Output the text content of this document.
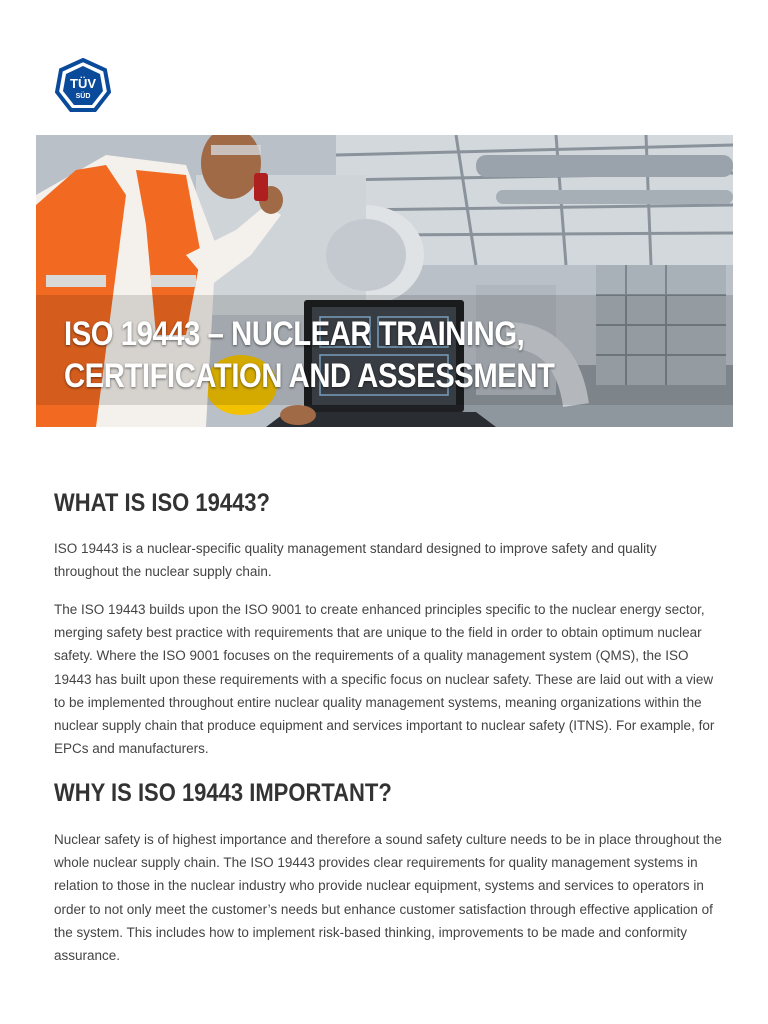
TÜV
SÜD
ISO 19443 – NUCLEAR TRAINING,
CERTIFICATION AND ASSESSMENT
WHAT IS ISO 19443?

ISO 19443 is a nuclear-specific quality management standard designed to improve safety and quality throughout the nuclear supply chain.

The ISO 19443 builds upon the ISO 9001 to create enhanced principles specific to the nuclear energy sector, merging safety best practice with requirements that are unique to the field in order to obtain optimum nuclear safety. Where the ISO 9001 focuses on the requirements of a quality management system (QMS), the ISO 19443 has built upon these requirements with a specific focus on nuclear safety. These are laid out with a view to be implemented throughout entire nuclear quality management systems, meaning organizations within the nuclear supply chain that produce equipment and services important to nuclear safety (ITNS). For example, for EPCs and manufacturers.

WHY IS ISO 19443 IMPORTANT?

Nuclear safety is of highest importance and therefore a sound safety culture needs to be in place throughout the whole nuclear supply chain. The ISO 19443 provides clear requirements for quality management systems in relation to those in the nuclear industry who provide nuclear equipment, systems and services to operators in order to not only meet the customer’s needs but enhance customer satisfaction through effective application of the system. This includes how to implement risk-based thinking, improvements to be made and conformity assurance.
